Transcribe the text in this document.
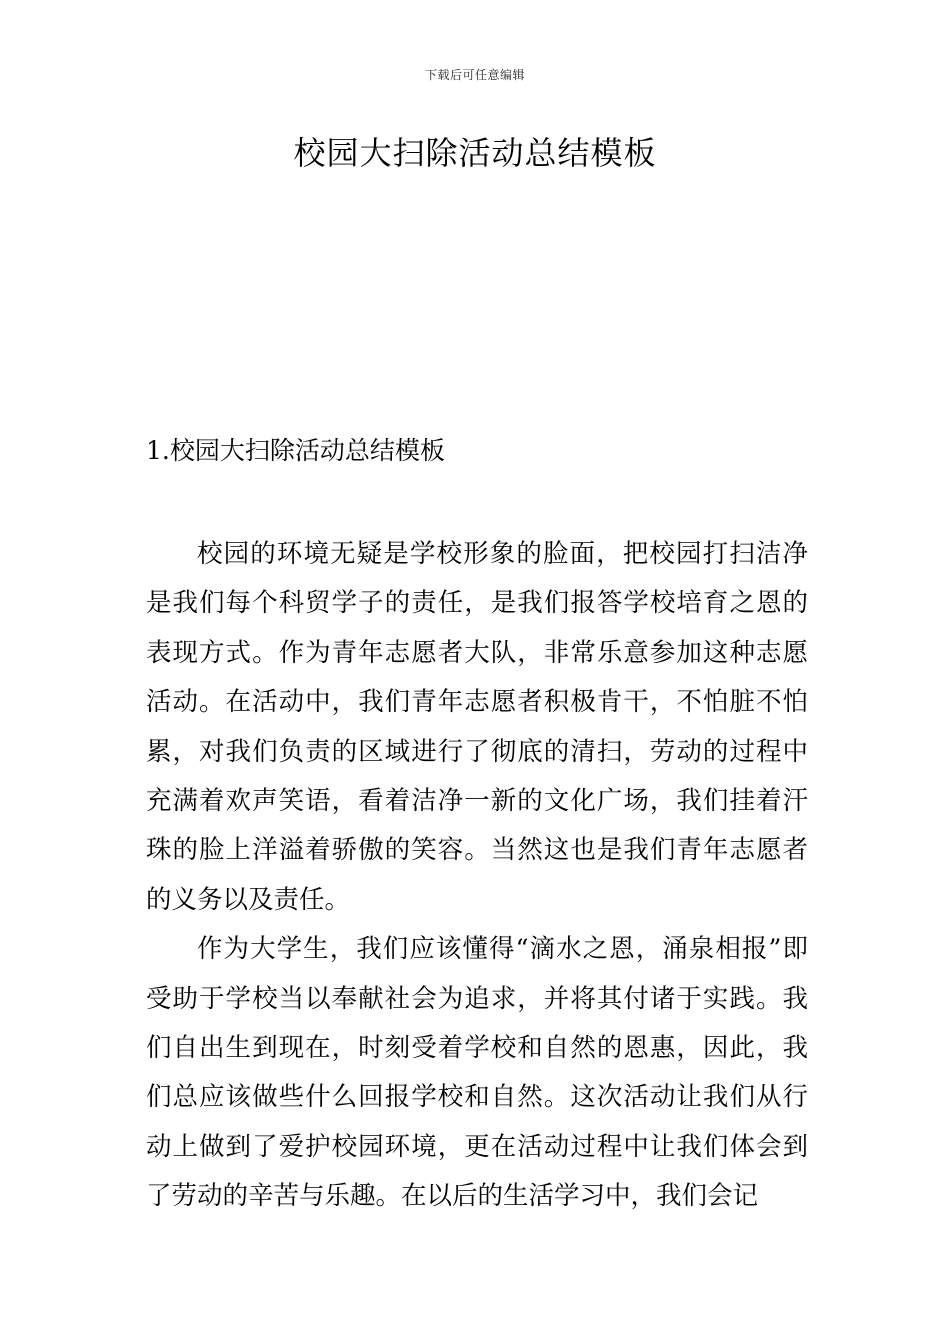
下载后可任意编辑
校园大扫除活动总结模板
1.校园大扫除活动总结模板

校园的环境无疑是学校形象的脸面，把校园打扫洁净是我们每个科贸学子的责任，是我们报答学校培育之恩的表现方式。作为青年志愿者大队，非常乐意参加这种志愿活动。在活动中，我们青年志愿者积极肯干，不怕脏不怕累，对我们负责的区域进行了彻底的清扫，劳动的过程中充满着欢声笑语，看着洁净一新的文化广场，我们挂着汗珠的脸上洋溢着骄傲的笑容。当然这也是我们青年志愿者的义务以及责任。

作为大学生，我们应该懂得“滴水之恩，涌泉相报”即受助于学校当以奉献社会为追求，并将其付诸于实践。我们自出生到现在，时刻受着学校和自然的恩惠，因此，我们总应该做些什么回报学校和自然。这次活动让我们从行动上做到了爱护校园环境，更在活动过程中让我们体会到了劳动的辛苦与乐趣。在以后的生活学习中，我们会记
